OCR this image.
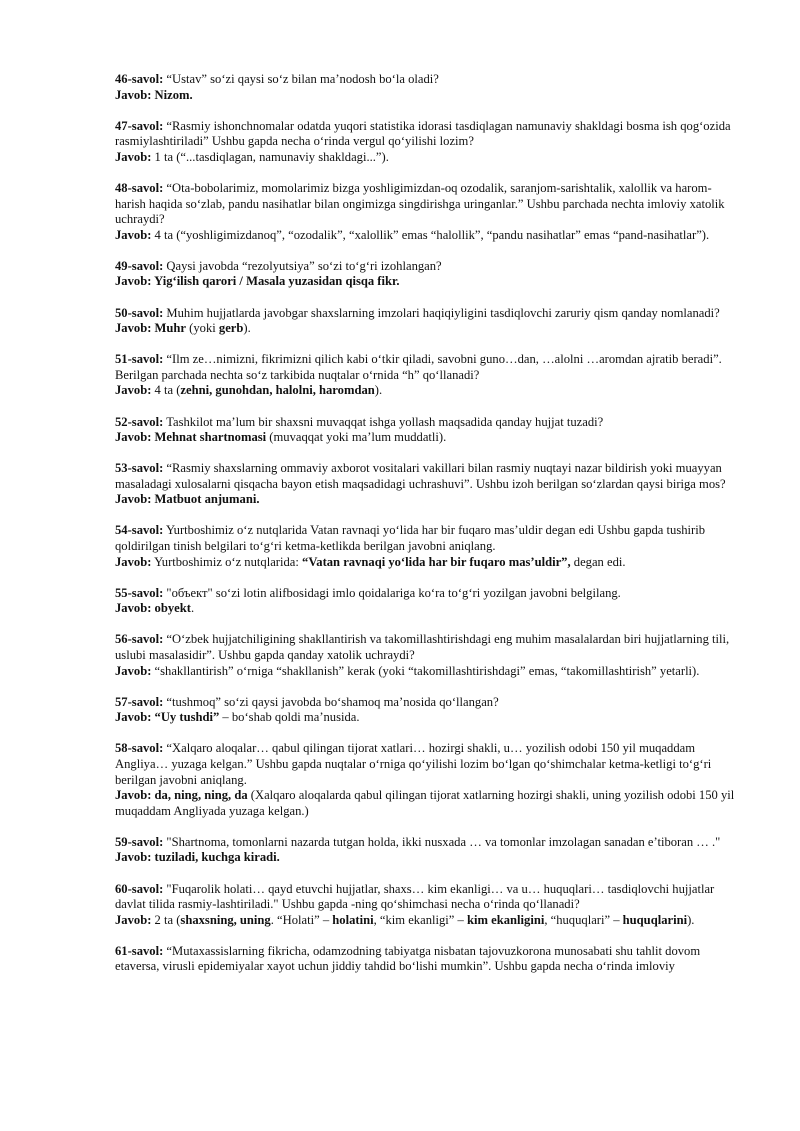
46-savol: “Ustav” so‘zi qaysi so‘z bilan ma’nodosh bo‘la oladi?

Javob: Nizom.

47-savol: “Rasmiy ishonchnomalar odatda yuqori statistika idorasi tasdiqlagan namunaviy shakldagi bosma ish qog‘ozida rasmiylashtiriladi” Ushbu gapda necha o‘rinda vergul qo‘yilishi lozim?

Javob: 1 ta (“...tasdiqlagan, namunaviy shakldagi...”).

48-savol: “Ota-bobolarimiz, momolarimiz bizga yoshligimizdan-oq ozodalik, saranjom-sarishtalik, xalollik va harom-harish haqida so‘zlab, pandu nasihatlar bilan ongimizga singdirishga uringanlar.” Ushbu parchada nechta imloviy xatolik uchraydi?

Javob: 4 ta (“yoshligimizdanoq”, “ozodalik”, “xalollik” emas “halollik”, “pandu nasihatlar” emas “pand-nasihatlar”).

49-savol: Qaysi javobda “rezolyutsiya” so‘zi to‘g‘ri izohlangan?

Javob: Yig‘ilish qarori / Masala yuzasidan qisqa fikr.

50-savol: Muhim hujjatlarda javobgar shaxslarning imzolari haqiqiyligini tasdiqlovchi zaruriy qism qanday nomlanadi?

Javob: Muhr (yoki gerb).

51-savol: “Ilm ze…nimizni, fikrimizni qilich kabi o‘tkir qiladi, savobni guno…dan, …alolni …aromdan ajratib beradi”. Berilgan parchada nechta so‘z tarkibida nuqtalar o‘rnida “h” qo‘llanadi?

Javob: 4 ta (zehni, gunohdan, halolni, haromdan).

52-savol: Tashkilot ma’lum bir shaxsni muvaqqat ishga yollash maqsadida qanday hujjat tuzadi?

Javob: Mehnat shartnomasi (muvaqqat yoki ma’lum muddatli).

53-savol: “Rasmiy shaxslarning ommaviy axborot vositalari vakillari bilan rasmiy nuqtayi nazar bildirish yoki muayyan masaladagi xulosalarni qisqacha bayon etish maqsadidagi uchrashuvi”. Ushbu izoh berilgan so‘zlardan qaysi biriga mos?

Javob: Matbuot anjumani.

54-savol: Yurtboshimiz o‘z nutqlarida Vatan ravnaqi yo‘lida har bir fuqaro mas’uldir degan edi Ushbu gapda tushirib qoldirilgan tinish belgilari to‘g‘ri ketma-ketlikda berilgan javobni aniqlang.

Javob: Yurtboshimiz o‘z nutqlarida: “Vatan ravnaqi yo‘lida har bir fuqaro mas’uldir”, degan edi.

55-savol: "объект" so‘zi lotin alifbosidagi imlo qoidalariga ko‘ra to‘g‘ri yozilgan javobni belgilang.

Javob: obyekt.

56-savol: “O‘zbek hujjatchiligining shakllantirish va takomillashtirishdagi eng muhim masalalardan biri hujjatlarning tili, uslubi masalasidir”. Ushbu gapda qanday xatolik uchraydi?

Javob: “shakllantirish” o‘rniga “shakllanish” kerak (yoki “takomillashtirishdagi” emas, “takomillashtirish” yetarli).

57-savol: “tushmoq” so‘zi qaysi javobda bo‘shamoq ma’nosida qo‘llangan?

Javob: “Uy tushdi” – bo‘shab qoldi ma’nusida.

58-savol: “Xalqaro aloqalar… qabul qilingan tijorat xatlari… hozirgi shakli, u… yozilish odobi 150 yil muqaddam Angliya… yuzaga kelgan.” Ushbu gapda nuqtalar o‘rniga qo‘yilishi lozim bo‘lgan qo‘shimchalar ketma-ketligi to‘g‘ri berilgan javobni aniqlang.

Javob: da, ning, ning, da (Xalqaro aloqalarda qabul qilingan tijorat xatlarning hozirgi shakli, uning yozilish odobi 150 yil muqaddam Angliyada yuzaga kelgan.)

59-savol: "Shartnoma, tomonlarni nazarda tutgan holda, ikki nusxada … va tomonlar imzolagan sanadan e’tiboran … ."

Javob: tuziladi, kuchga kiradi.

60-savol: "Fuqarolik holati… qayd etuvchi hujjatlar, shaxs… kim ekanligi… va u… huquqlari… tasdiqlovchi hujjatlar davlat tilida rasmiy-lashtiriladi." Ushbu gapda -ning qo‘shimchasi necha o‘rinda qo‘llanadi?

Javob: 2 ta (shaxsning, uning. “Holati” – holatini, “kim ekanligi” – kim ekanligini, “huquqlari” – huquqlarini).

61-savol: “Mutaxassislarning fikricha, odamzodning tabiyatga nisbatan tajovuzkorona munosabati shu tahlit dovom etaversa, virusli epidemiyalar xayot uchun jiddiy tahdid bo‘lishi mumkin”. Ushbu gapda necha o‘rinda imloviy
